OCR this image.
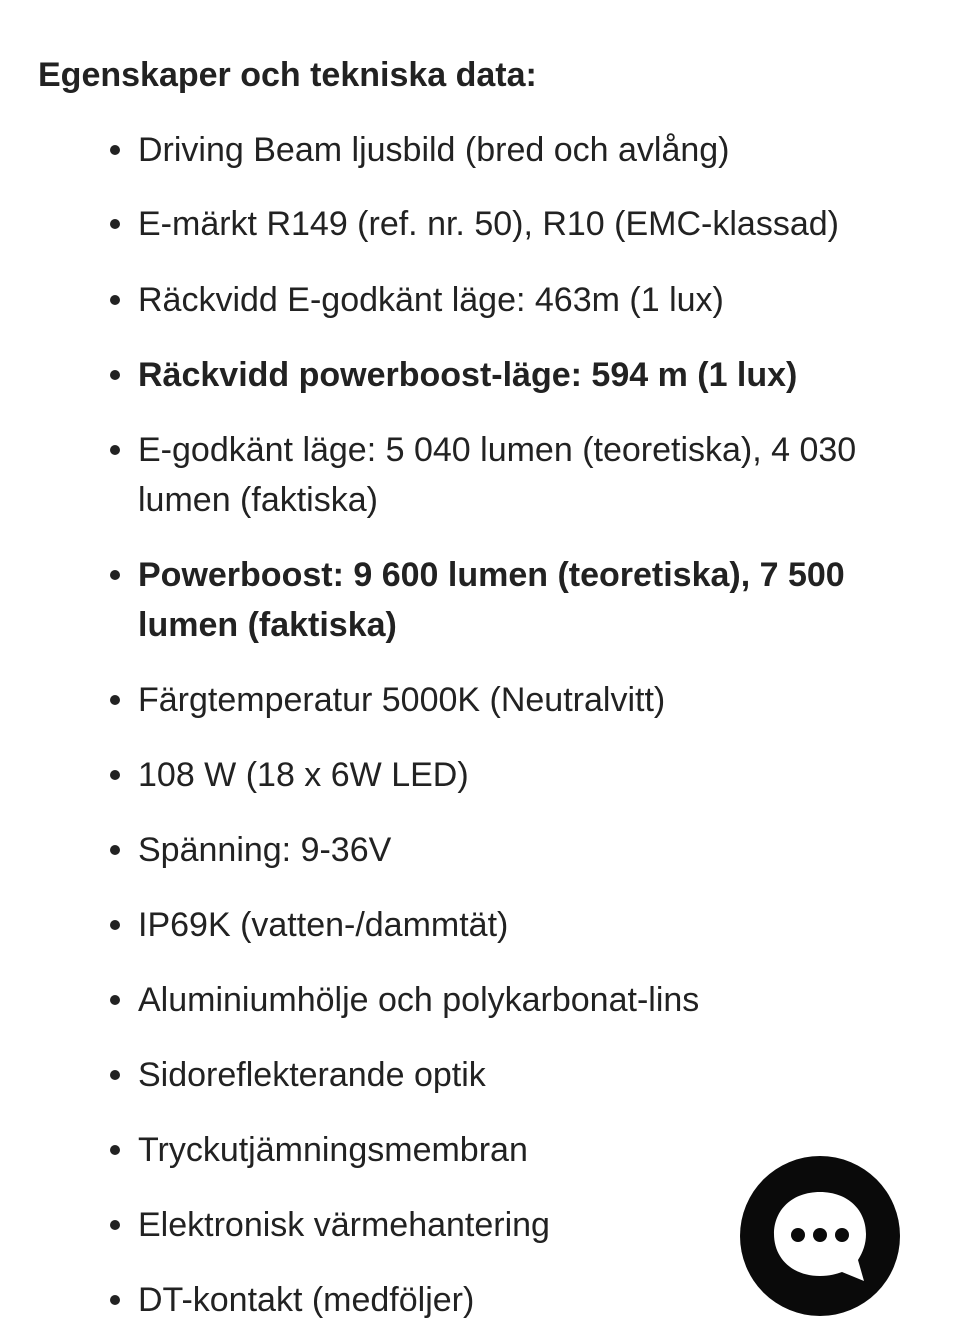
Egenskaper och tekniska data:
Driving Beam ljusbild (bred och avlång)
E-märkt R149 (ref. nr. 50), R10 (EMC-klassad)
Räckvidd E-godkänt läge: 463m (1 lux)
Räckvidd powerboost-läge: 594 m (1 lux)
E-godkänt läge: 5 040 lumen (teoretiska), 4 030 lumen (faktiska)
Powerboost: 9 600 lumen (teoretiska), 7 500 lumen (faktiska)
Färgtemperatur 5000K (Neutralvitt)
108 W (18 x 6W LED)
Spänning: 9-36V
IP69K (vatten-/dammtät)
Aluminiumhölje och polykarbonat-lins
Sidoreflekterande optik
Tryckutjämningsmembran
Elektronisk värmehantering
DT-kontakt (medföljer)
